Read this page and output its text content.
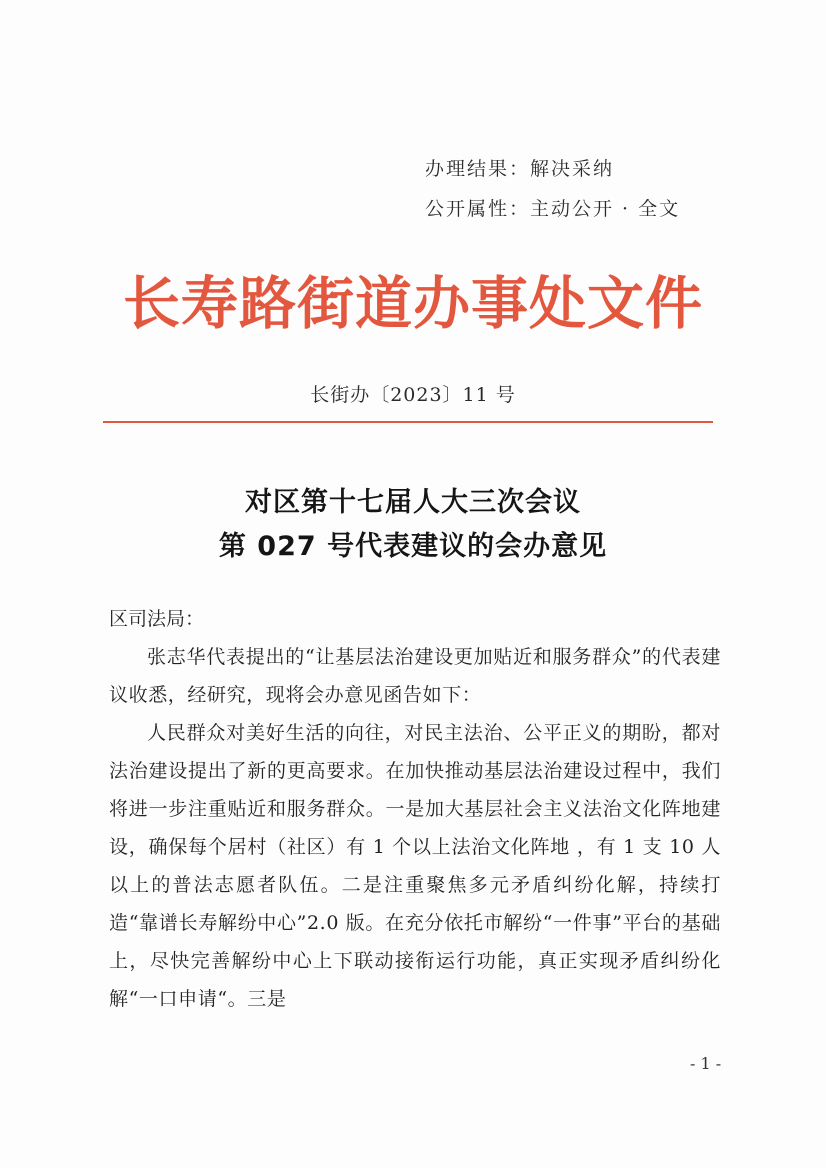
办理结果：解决采纳
公开属性：主动公开 · 全文
长寿路街道办事处文件
长街办〔2023〕11 号
对区第十七届人大三次会议
第 027 号代表建议的会办意见
区司法局：

张志华代表提出的“让基层法治建设更加贴近和服务群众”的代表建议收悉，经研究，现将会办意见函告如下：

人民群众对美好生活的向往，对民主法治、公平正义的期盼，都对法治建设提出了新的更高要求。在加快推动基层法治建设过程中，我们将进一步注重贴近和服务群众。一是加大基层社会主义法治文化阵地建设，确保每个居村（社区）有 1 个以上法治文化阵地 ，有 1 支 10 人以上的普法志愿者队伍。二是注重聚焦多元矛盾纠纷化解，持续打造“靠谱长寿解纷中心”2.0 版。在充分依托市解纷“一件事”平台的基础上，尽快完善解纷中心上下联动接衔运行功能，真正实现矛盾纠纷化解“一口申请“。三是

- 1 -
